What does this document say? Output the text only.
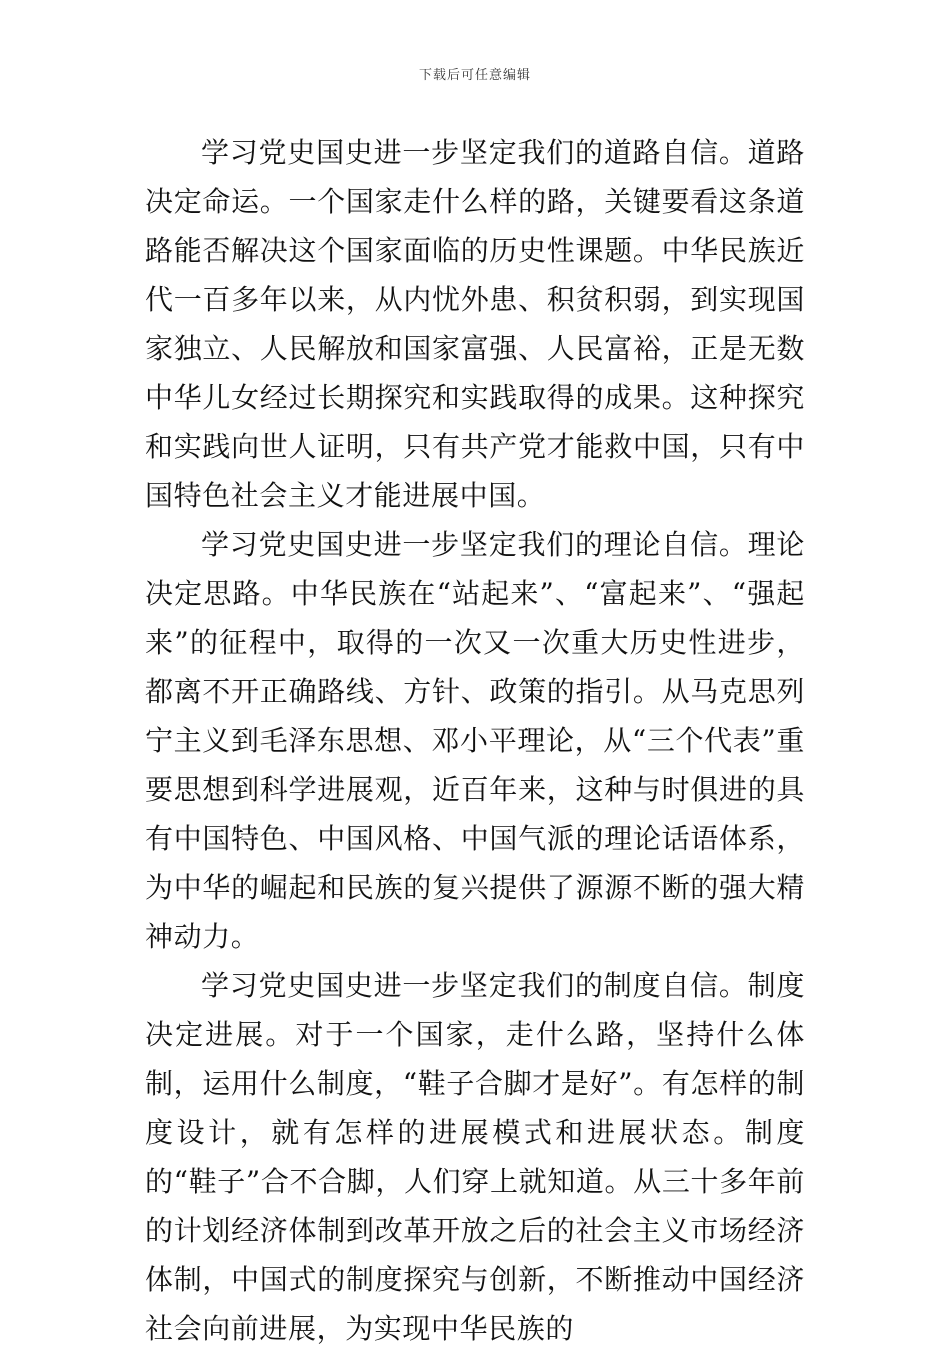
下载后可任意编辑

学习党史国史进一步坚定我们的道路自信。道路决定命运。一个国家走什么样的路，关键要看这条道路能否解决这个国家面临的历史性课题。中华民族近代一百多年以来，从内忧外患、积贫积弱，到实现国家独立、人民解放和国家富强、人民富裕，正是无数中华儿女经过长期探究和实践取得的成果。这种探究和实践向世人证明，只有共产党才能救中国，只有中国特色社会主义才能进展中国。

学习党史国史进一步坚定我们的理论自信。理论决定思路。中华民族在“站起来”、“富起来”、“强起来”的征程中，取得的一次又一次重大历史性进步，都离不开正确路线、方针、政策的指引。从马克思列宁主义到毛泽东思想、邓小平理论，从“三个代表”重要思想到科学进展观，近百年来，这种与时俱进的具有中国特色、中国风格、中国气派的理论话语体系，为中华的崛起和民族的复兴提供了源源不断的强大精神动力。

学习党史国史进一步坚定我们的制度自信。制度决定进展。对于一个国家，走什么路，坚持什么体制，运用什么制度，“鞋子合脚才是好”。有怎样的制度设计，就有怎样的进展模式和进展状态。制度的“鞋子”合不合脚，人们穿上就知道。从三十多年前的计划经济体制到改革开放之后的社会主义市场经济体制，中国式的制度探究与创新，不断推动中国经济社会向前进展，为实现中华民族的
